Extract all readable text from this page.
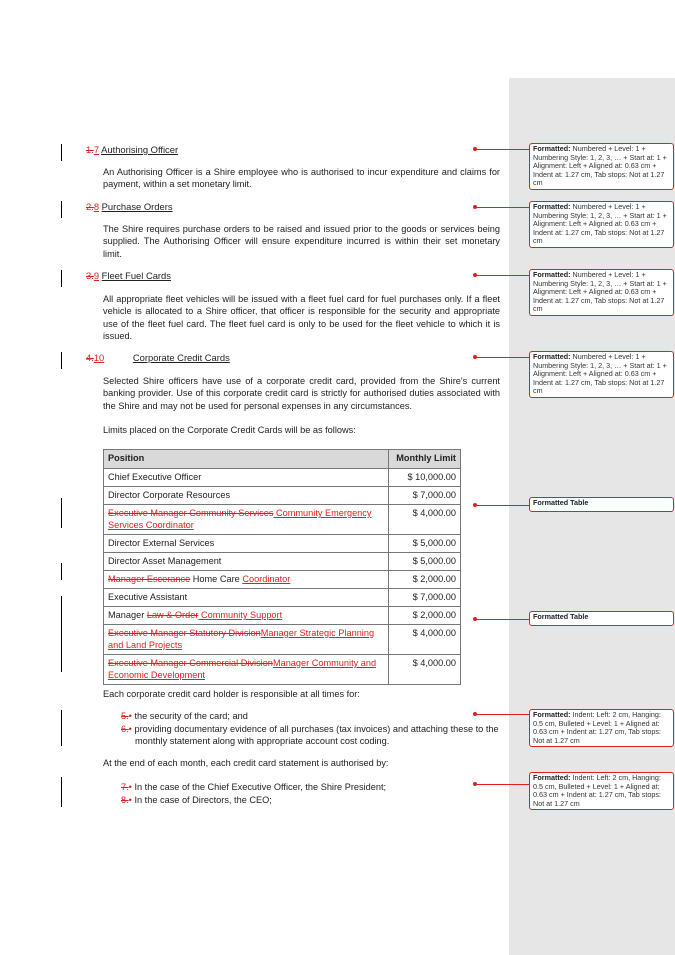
1.7 Authorising Officer
An Authorising Officer is a Shire employee who is authorised to incur expenditure and claims for payment, within a set monetary limit.
2.8 Purchase Orders
The Shire requires purchase orders to be raised and issued prior to the goods or services being supplied. The Authorising Officer will ensure expenditure incurred is within their set monetary limit.
3.9 Fleet Fuel Cards
All appropriate fleet vehicles will be issued with a fleet fuel card for fuel purchases only. If a fleet vehicle is allocated to a Shire officer, that officer is responsible for the security and appropriate use of the fleet fuel card. The fleet fuel card is only to be used for the fleet vehicle to which it is issued.
4.10	Corporate Credit Cards
Selected Shire officers have use of a corporate credit card, provided from the Shire's current banking provider. Use of this corporate credit card is strictly for authorised duties associated with the Shire and may not be used for personal expenses in any circumstances.
Limits placed on the Corporate Credit Cards will be as follows:
Position	Monthly Limit
Chief Executive Officer	$ 10,000.00
Director Corporate Resources	$ 7,000.00
Executive Manager Community Services Community Emergency Services Coordinator	$ 4,000.00
Director External Services	$ 5,000.00
Director Asset Management	$ 5,000.00
Manager Escerance Home Care Coordinator	$ 2,000.00
Executive Assistant	$ 7,000.00
Manager Law & Order Community Support	$ 2,000.00
Executive Manager Statutory DivisionManager Strategic Planning and Land Projects	$ 4,000.00
Executive Manager Commercial DivisionManager Community and Economic Development	$ 4,000.00
Each corporate credit card holder is responsible at all times for:
5.• the security of the card; and
6.• providing documentary evidence of all purchases (tax invoices) and attaching these to the monthly statement along with appropriate account cost coding.
At the end of each month, each credit card statement is authorised by:
7.• In the case of the Chief Executive Officer, the Shire President;
8.• In the case of Directors, the CEO;
Formatted: Numbered + Level: 1 + Numbering Style: 1, 2, 3, … + Start at: 1 + Alignment: Left + Aligned at: 0.63 cm + Indent at: 1.27 cm, Tab stops: Not at 1.27 cm
Formatted: Numbered + Level: 1 + Numbering Style: 1, 2, 3, … + Start at: 1 + Alignment: Left + Aligned at: 0.63 cm + Indent at: 1.27 cm, Tab stops: Not at 1.27 cm
Formatted: Numbered + Level: 1 + Numbering Style: 1, 2, 3, … + Start at: 1 + Alignment: Left + Aligned at: 0.63 cm + Indent at: 1.27 cm, Tab stops: Not at 1.27 cm
Formatted: Numbered + Level: 1 + Numbering Style: 1, 2, 3, … + Start at: 1 + Alignment: Left + Aligned at: 0.63 cm + Indent at: 1.27 cm, Tab stops: Not at 1.27 cm
Formatted Table
Formatted Table
Formatted: Indent: Left: 2 cm, Hanging: 0.5 cm, Bulleted + Level: 1 + Aligned at: 0.63 cm + Indent at: 1.27 cm, Tab stops: Not at 1.27 cm
Formatted: Indent: Left: 2 cm, Hanging: 0.5 cm, Bulleted + Level: 1 + Aligned at: 0.63 cm + Indent at: 1.27 cm, Tab stops: Not at 1.27 cm
